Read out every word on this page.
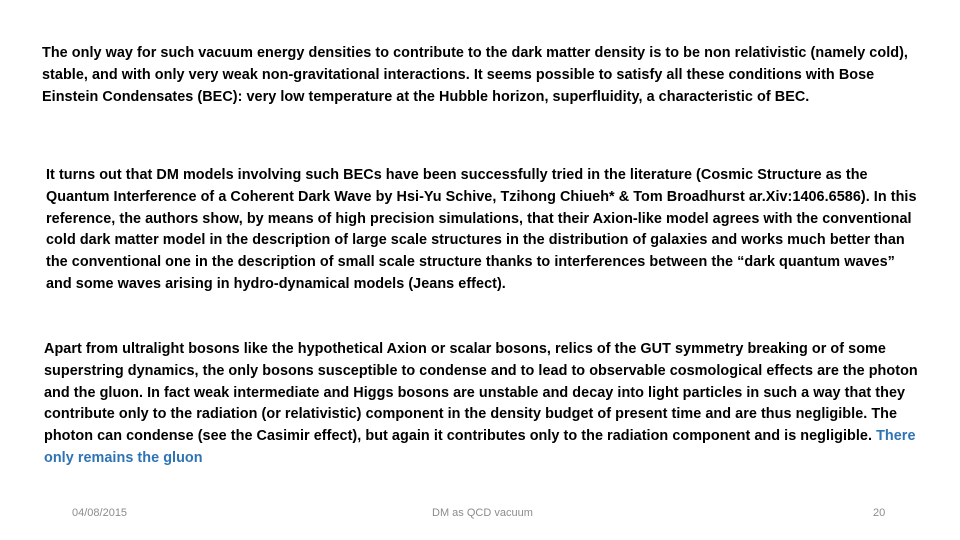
The only way for such vacuum energy densities to contribute to the dark matter density is to be non relativistic (namely cold), stable, and with only very weak non-gravitational interactions. It seems possible to satisfy all these conditions with Bose Einstein Condensates (BEC): very low temperature at the Hubble horizon, superfluidity, a characteristic of BEC.
It turns out that DM models involving such BECs have been successfully tried in the literature (Cosmic Structure as the Quantum Interference of a Coherent Dark Wave by Hsi-Yu Schive, Tzihong Chiueh* & Tom Broadhurst ar.Xiv:1406.6586). In this reference, the authors show, by means of high precision simulations, that their Axion-like model agrees with the conventional cold dark matter model in the description of large scale structures in the distribution of galaxies and works much better than the conventional one in the description of small scale structure thanks to interferences between the “dark quantum waves” and some waves arising in hydro-dynamical models (Jeans effect).
Apart from ultralight bosons like the hypothetical Axion or scalar bosons, relics of the GUT symmetry breaking or of some superstring dynamics, the only bosons susceptible to condense and to lead to observable cosmological effects are the photon and the gluon. In fact weak intermediate and Higgs bosons are unstable and decay into light particles in such a way that they contribute only to the radiation (or relativistic) component in the density budget of present time and are thus negligible. The photon can condense (see the Casimir effect), but again it contributes only to the radiation component and is negligible. There only remains the gluon
04/08/2015	DM as QCD vacuum	20
